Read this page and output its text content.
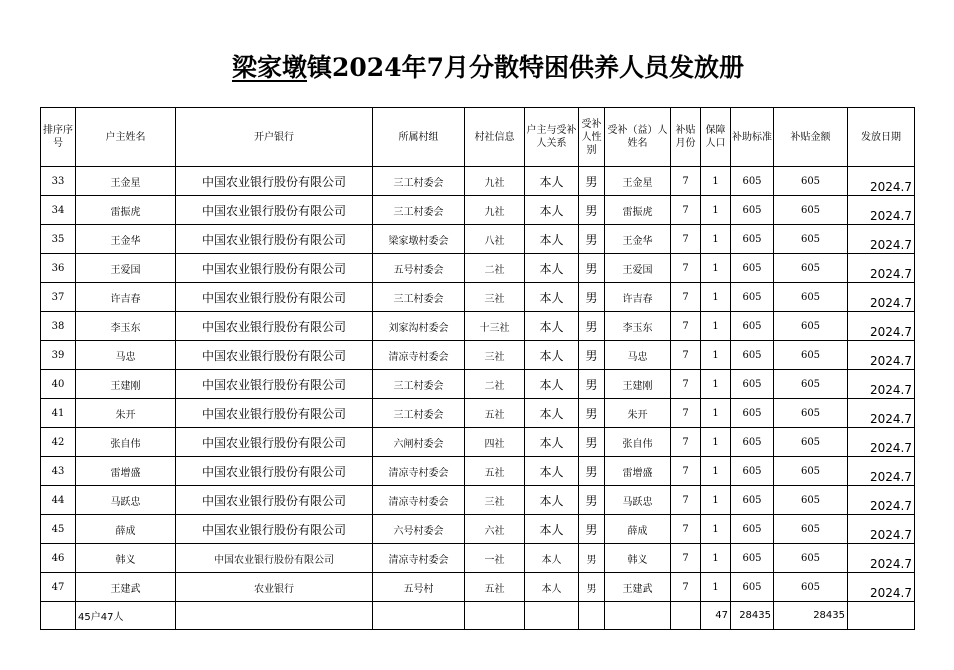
梁家墩镇2024年7月分散特困供养人员发放册
排序序号	户主姓名	开户银行	所属村组	村社信息	户主与受补人关系	受补人性别	受补（益）人姓名	补贴月份	保障人口	补助标准	补贴金额	发放日期
33	王金星	中国农业银行股份有限公司	三工村委会	九社	本人	男	王金星	7	1	605	605	2024.7
34	雷振虎	中国农业银行股份有限公司	三工村委会	九社	本人	男	雷振虎	7	1	605	605	2024.7
35	王金华	中国农业银行股份有限公司	梁家墩村委会	八社	本人	男	王金华	7	1	605	605	2024.7
36	王爱国	中国农业银行股份有限公司	五号村委会	二社	本人	男	王爱国	7	1	605	605	2024.7
37	许吉春	中国农业银行股份有限公司	三工村委会	三社	本人	男	许吉春	7	1	605	605	2024.7
38	李玉东	中国农业银行股份有限公司	刘家沟村委会	十三社	本人	男	李玉东	7	1	605	605	2024.7
39	马忠	中国农业银行股份有限公司	清凉寺村委会	三社	本人	男	马忠	7	1	605	605	2024.7
40	王建刚	中国农业银行股份有限公司	三工村委会	二社	本人	男	王建刚	7	1	605	605	2024.7
41	朱开	中国农业银行股份有限公司	三工村委会	五社	本人	男	朱开	7	1	605	605	2024.7
42	张自伟	中国农业银行股份有限公司	六闸村委会	四社	本人	男	张自伟	7	1	605	605	2024.7
43	雷增盛	中国农业银行股份有限公司	清凉寺村委会	五社	本人	男	雷增盛	7	1	605	605	2024.7
44	马跃忠	中国农业银行股份有限公司	清凉寺村委会	三社	本人	男	马跃忠	7	1	605	605	2024.7
45	薛成	中国农业银行股份有限公司	六号村委会	六社	本人	男	薛成	7	1	605	605	2024.7
46	韩义	中国农业银行股份有限公司	清凉寺村委会	一社	本人	男	韩义	7	1	605	605	2024.7
47	王建武	农业银行	五号村	五社	本人	男	王建武	7	1	605	605	2024.7
	45户47人								47	28435	28435	
